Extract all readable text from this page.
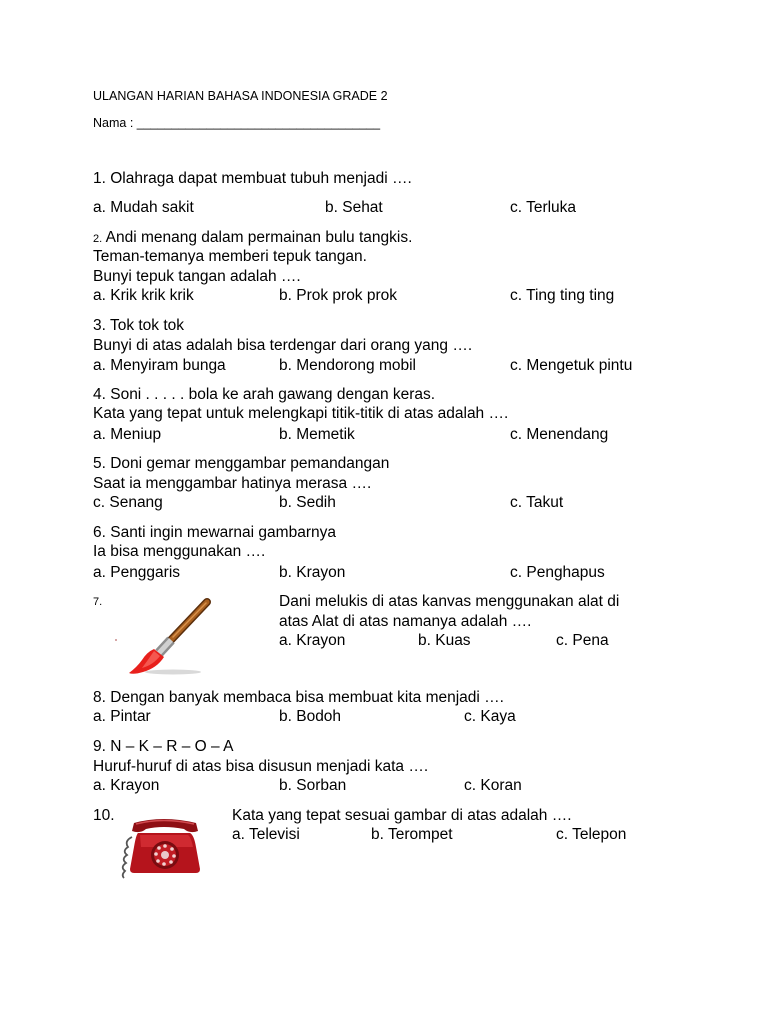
ULANGAN HARIAN BAHASA INDONESIA GRADE 2
Nama : ___________________________________
1. Olahraga dapat membuat tubuh menjadi ….
a. Mudah sakit	b. Sehat	c. Terluka
2. Andi menang dalam permainan bulu tangkis.
Teman-temanya memberi tepuk tangan.
Bunyi tepuk tangan adalah ….
a. Krik krik krik	b. Prok prok prok	c. Ting ting ting
3. Tok tok tok
Bunyi di atas adalah bisa terdengar dari orang yang ….
a. Menyiram bunga	b. Mendorong mobil	c. Mengetuk pintu
4. Soni . . . . . bola ke arah gawang dengan keras.
Kata yang tepat untuk melengkapi titik-titik di atas adalah ….
a. Meniup	b. Memetik	c. Menendang
5. Doni gemar menggambar pemandangan
Saat ia menggambar hatinya merasa ….
c. Senang	b. Sedih	c. Takut
6. Santi ingin mewarnai gambarnya
Ia bisa menggunakan ….
a. Penggaris	b. Krayon	c. Penghapus
7.	Dani melukis di atas kanvas menggunakan alat di
atas Alat di atas namanya adalah ….
a. Krayon	b. Kuas	c. Pena
8. Dengan banyak membaca bisa membuat kita menjadi ….
a. Pintar	b. Bodoh	c. Kaya
9. N – K – R – O – A
Huruf-huruf di atas bisa disusun menjadi kata ….
a. Krayon	b. Sorban	c. Koran
10.	Kata yang tepat sesuai gambar di atas adalah ….
a. Televisi	b. Terompet	c. Telepon
